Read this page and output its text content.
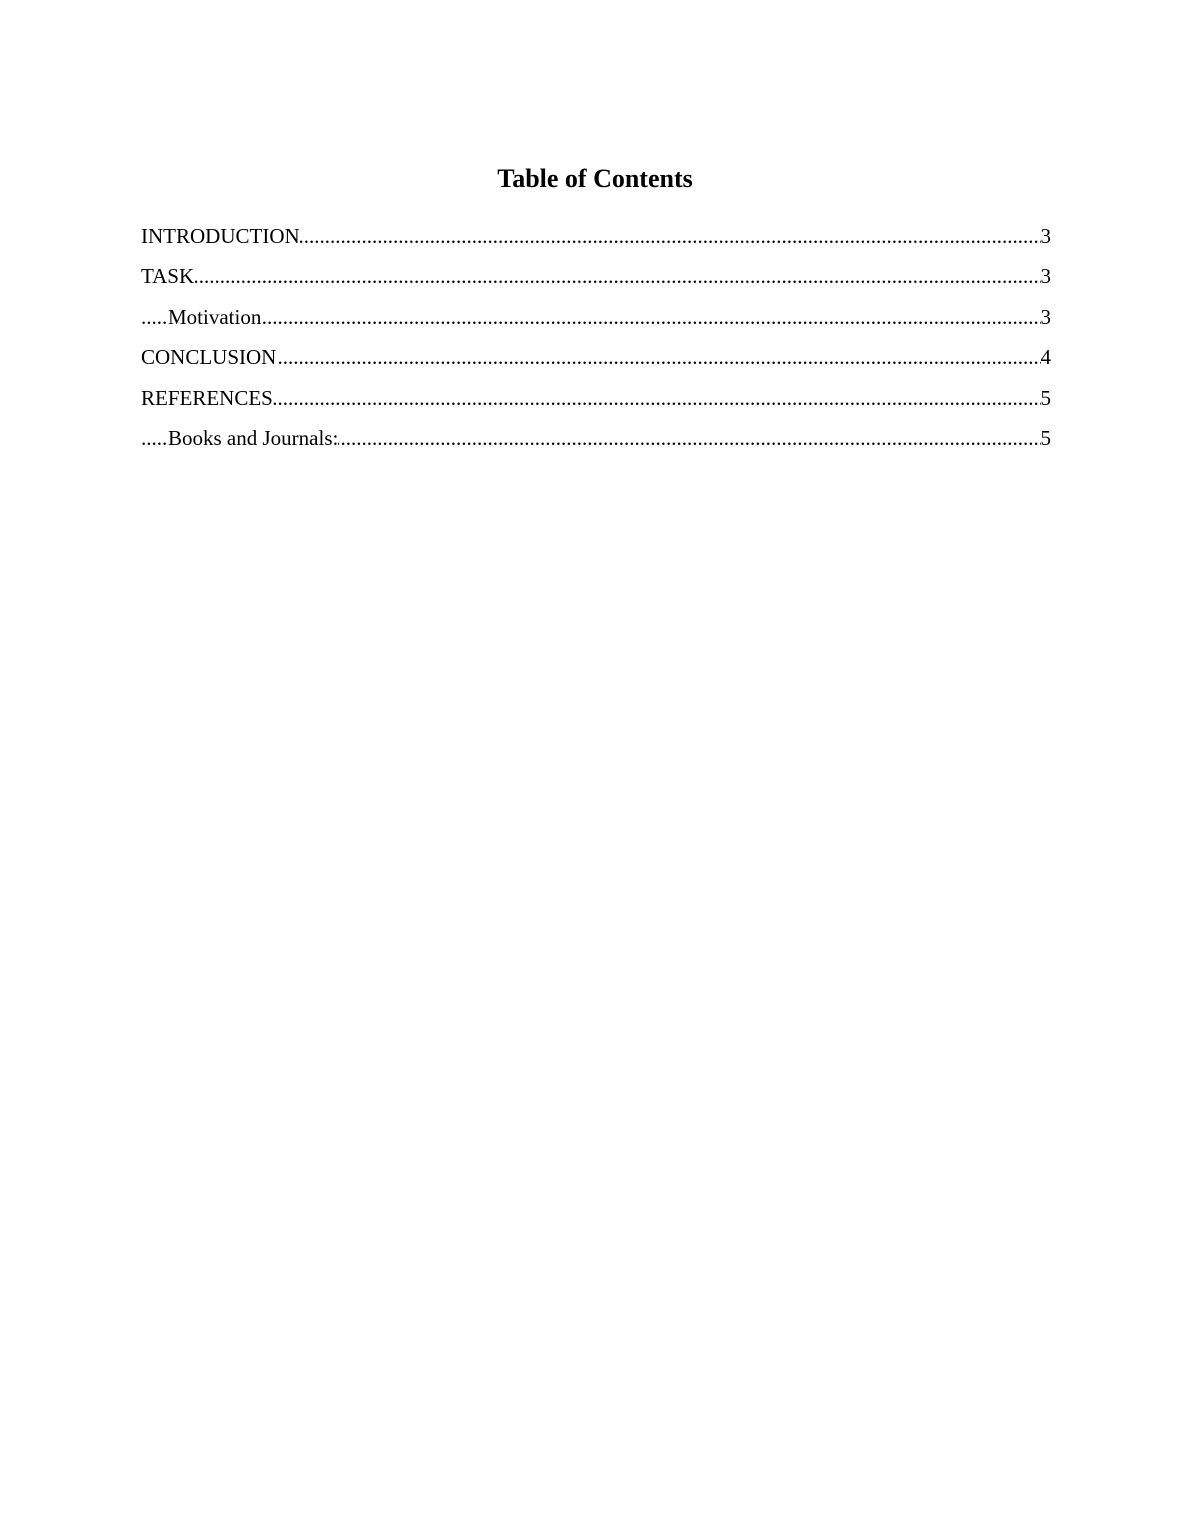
Table of Contents
.....
INTRODUCTION	3
.....
TASK	3
.....
Motivation	3
.....
CONCLUSION	4
.....
REFERENCES	5
.....
Books and Journals:	5
